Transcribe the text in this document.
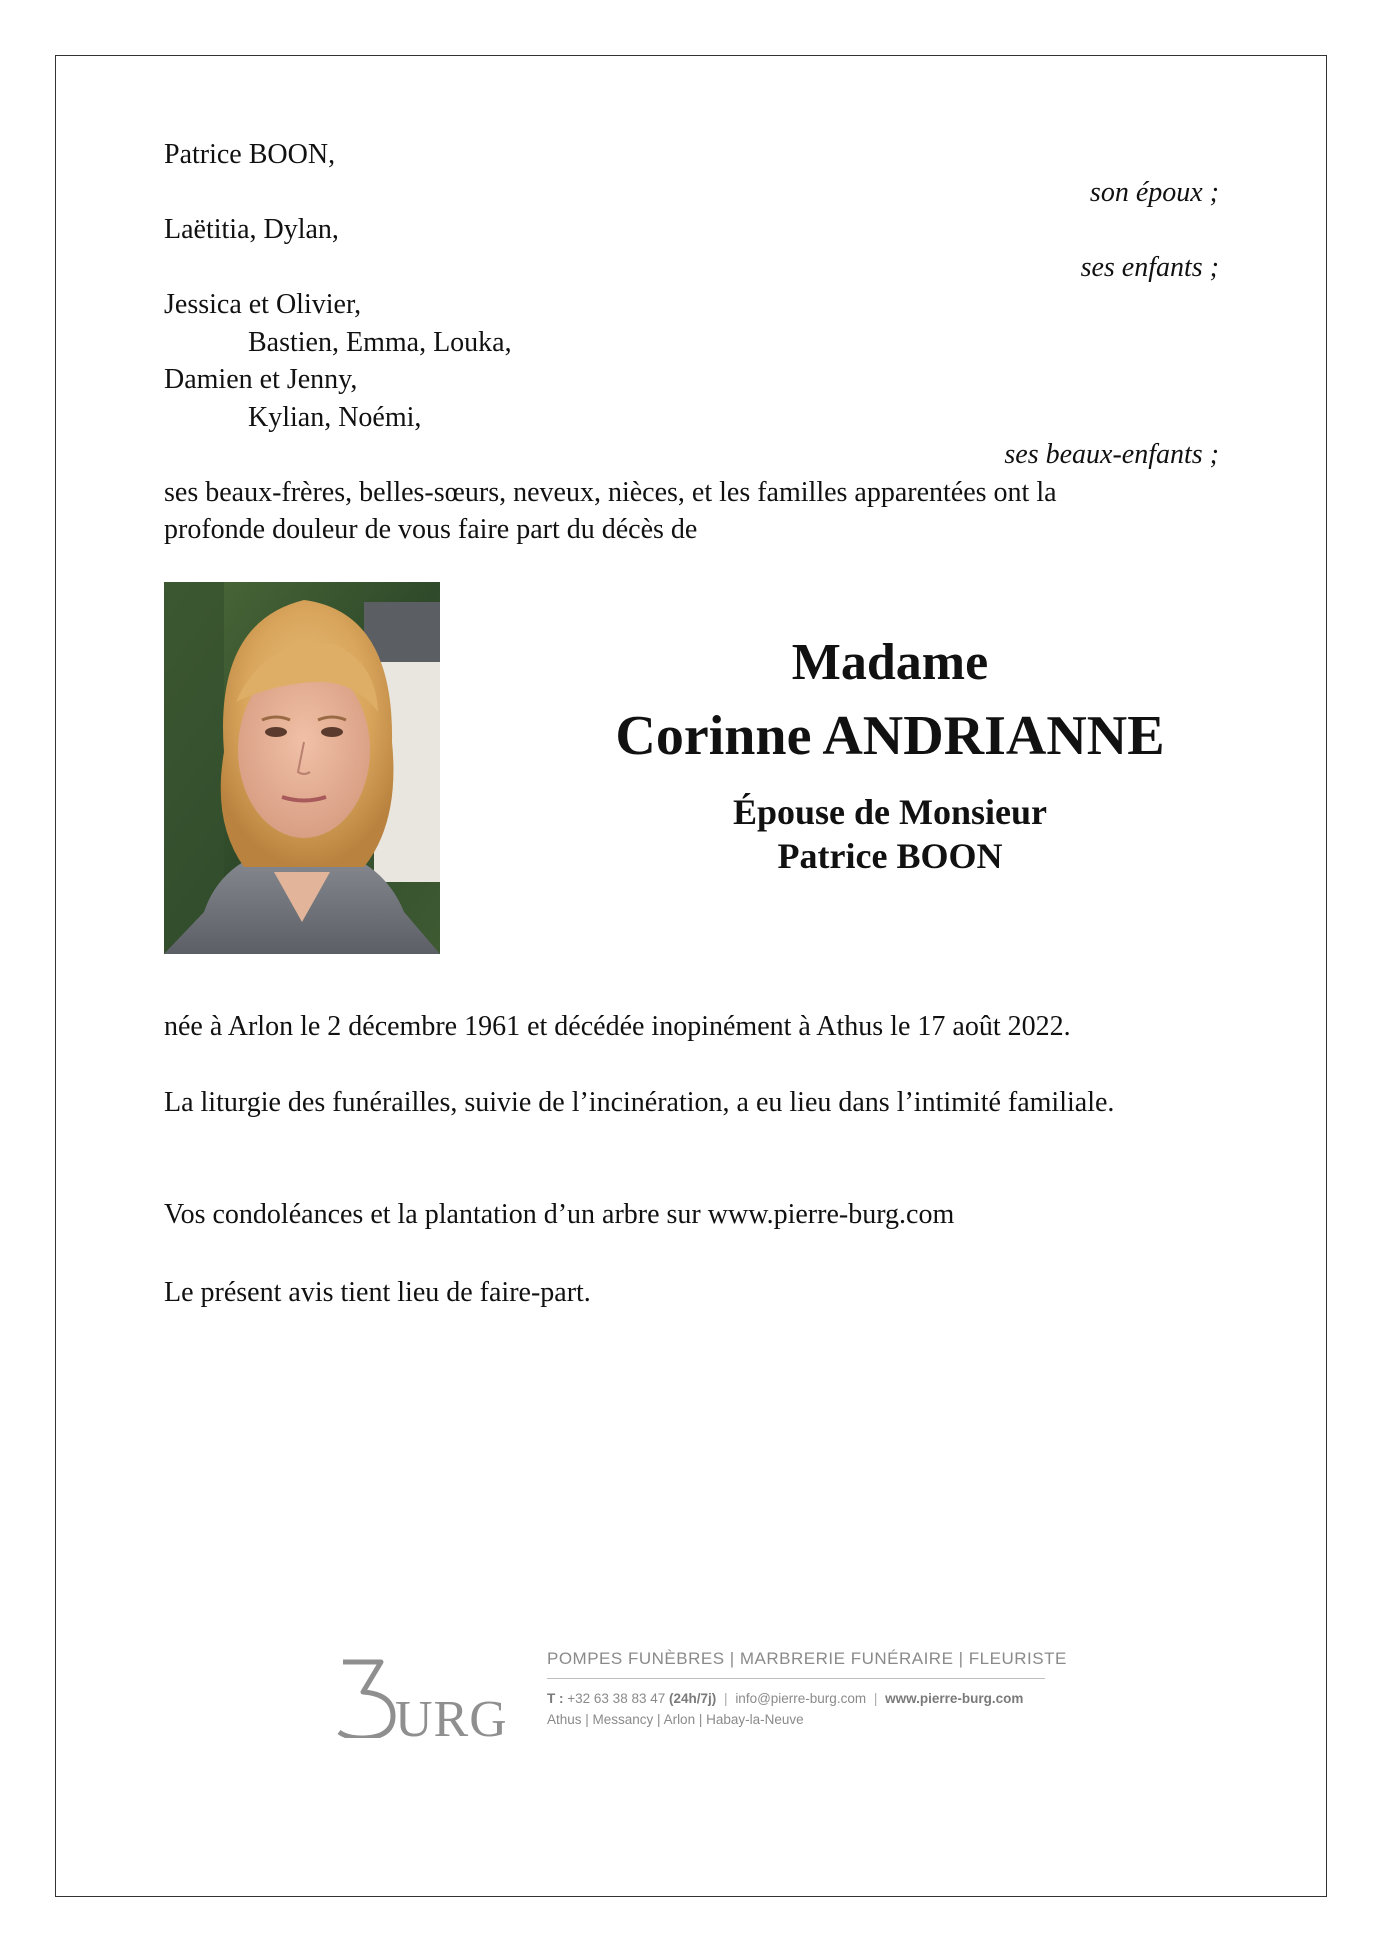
Patrice BOON,
son époux ;
Laëtitia, Dylan,
ses enfants ;
Jessica et Olivier,
Bastien, Emma, Louka,
Damien et Jenny,
Kylian, Noémi,
ses beaux-enfants ;
ses beaux-frères, belles-sœurs, neveux, nièces, et les familles apparentées ont la
profonde douleur de vous faire part du décès de
Madame
Corinne ANDRIANNE
Épouse de Monsieur
Patrice BOON
née à Arlon le 2 décembre 1961 et décédée inopinément à Athus le 17 août 2022.
La liturgie des funérailles, suivie de l’incinération, a eu lieu dans l’intimité familiale.
Vos condoléances et la plantation d’un arbre sur www.pierre-burg.com
Le présent avis tient lieu de faire-part.
URG
POMPES FUNÈBRES | MARBRERIE FUNÉRAIRE | FLEURISTE
T : +32 63 38 83 47 (24h/7j) | info@pierre-burg.com | www.pierre-burg.com
Athus | Messancy | Arlon | Habay-la-Neuve
